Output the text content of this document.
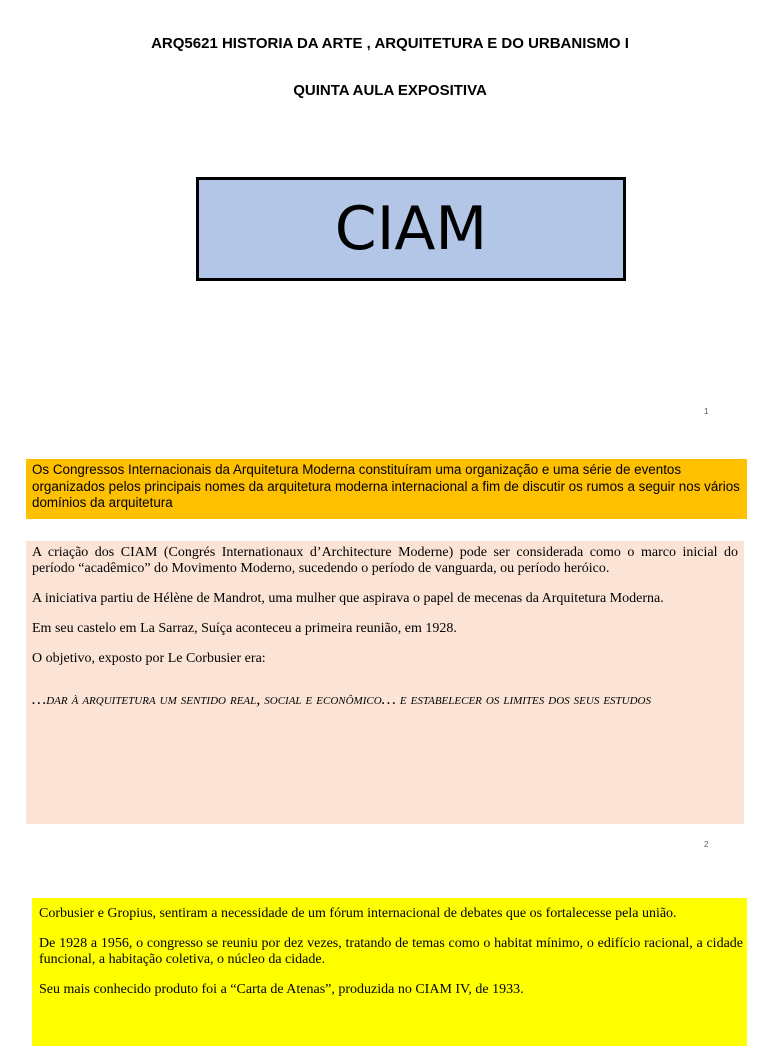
ARQ5621 HISTORIA DA ARTE , ARQUITETURA E DO URBANISMO I
QUINTA AULA EXPOSITIVA
CIAM
1
Os Congressos Internacionais da Arquitetura Moderna constituíram uma organização e uma série de eventos organizados pelos principais nomes da arquitetura moderna internacional a fim de discutir os rumos a seguir nos vários domínios da arquitetura

A criação dos CIAM (Congrés Internationaux d’Architecture Moderne) pode ser considerada como o marco inicial do período “acadêmico” do Movimento Moderno, sucedendo o período de vanguarda, ou período heróico.

A iniciativa partiu de Hélène de Mandrot, uma mulher que aspirava o papel de mecenas da Arquitetura Moderna.

Em seu castelo em La Sarraz, Suíça aconteceu a primeira reunião, em 1928.

O objetivo, exposto por Le Corbusier era:

…dar à arquitetura um sentido real, social e econômico… e estabelecer os limites dos seus estudos

2

Corbusier e Gropius, sentiram a necessidade de um fórum internacional de debates que os fortalecesse pela união.

De 1928 a 1956, o congresso se reuniu por dez vezes, tratando de temas como o habitat mínimo, o edifício racional, a cidade funcional, a habitação coletiva, o núcleo da cidade.

Seu mais conhecido produto foi a “Carta de Atenas”, produzida no CIAM IV, de 1933.
